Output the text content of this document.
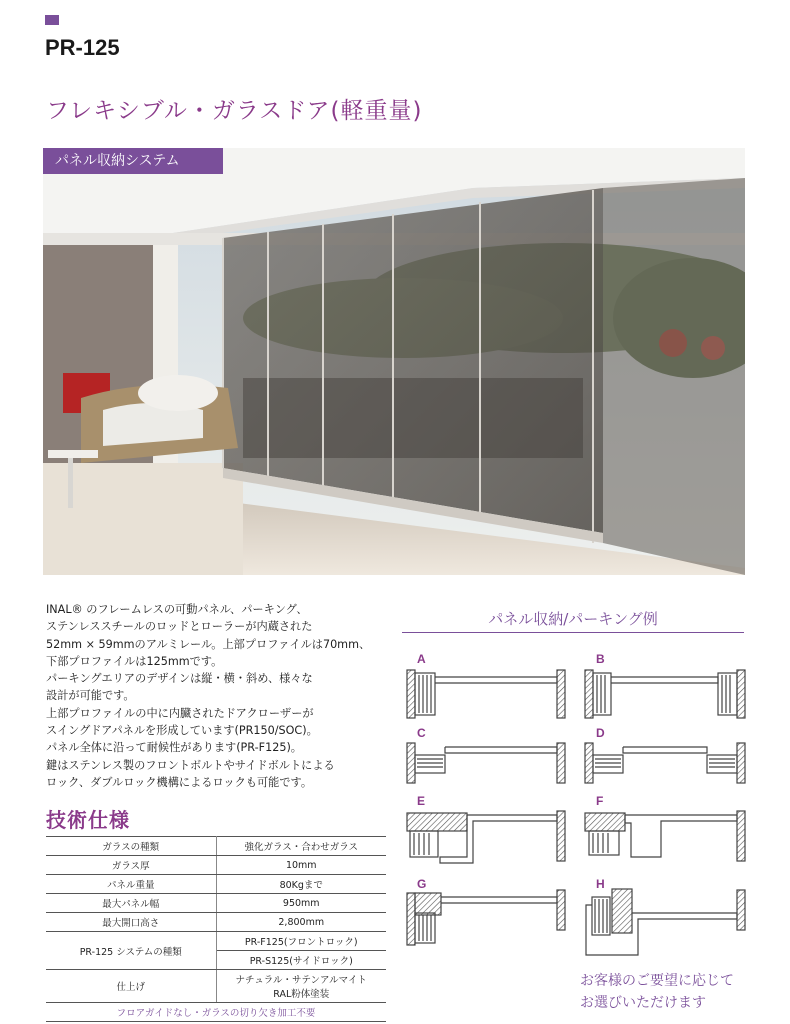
PR-125
フレキシブル・ガラスドア(軽重量)
パネル収納システム

INAL® のフレームレスの可動パネル、パーキング、

ステンレススチールのロッドとローラーが内蔵された

52mm × 59mmのアルミレール。上部プロファイルは70mm、

下部プロファイルは125mmです。

パーキングエリアのデザインは縦・横・斜め、様々な

設計が可能です。

上部プロファイルの中に内臓されたドアクローザーが

スイングドアパネルを形成しています(PR150/SOC)。

パネル全体に沿って耐候性があります(PR-F125)。

鍵はステンレス製のフロントボルトやサイドボルトによる

ロック、ダブルロック機構によるロックも可能です。

技術仕様
ガラスの種類	強化ガラス・合わせガラス
ガラス厚	10mm
パネル重量	80Kgまで
最大パネル幅	950mm
最大開口高さ	2,800mm
PR-125 システムの種類	PR-F125(フロントロック)
	PR-S125(サイドロック)
仕上げ	ナチュラル・サテンアルマイト
RAL粉体塗装
フロアガイドなし・ガラスの切り欠き加工不要	
パネル収納/パーキング例
A	B
C	D
E	F
G	H
お客様のご要望に応じて
お選びいただけます
